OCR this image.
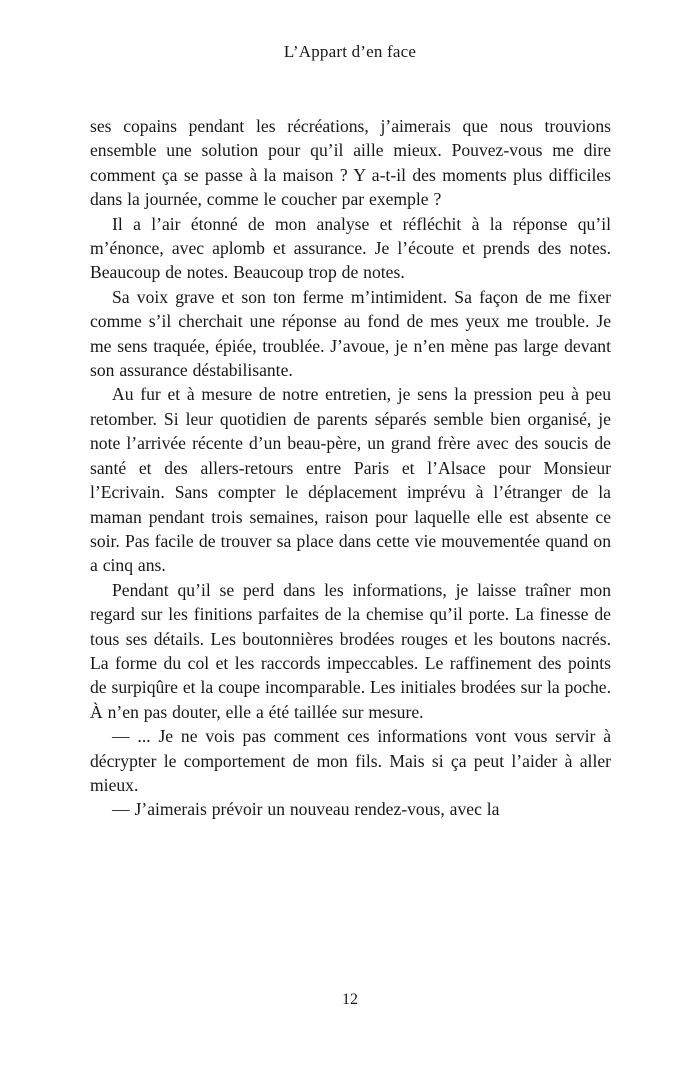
L’Appart d’en face

ses copains pendant les récréations, j’aimerais que nous trouvions ensemble une solution pour qu’il aille mieux. Pouvez-vous me dire comment ça se passe à la maison ? Y a-t-il des moments plus difficiles dans la journée, comme le coucher par exemple ?

Il a l’air étonné de mon analyse et réfléchit à la réponse qu’il m’énonce, avec aplomb et assurance. Je l’écoute et prends des notes. Beaucoup de notes. Beaucoup trop de notes.

Sa voix grave et son ton ferme m’intimident. Sa façon de me fixer comme s’il cherchait une réponse au fond de mes yeux me trouble. Je me sens traquée, épiée, troublée. J’avoue, je n’en mène pas large devant son assurance déstabilisante.

Au fur et à mesure de notre entretien, je sens la pression peu à peu retomber. Si leur quotidien de parents séparés semble bien organisé, je note l’arrivée récente d’un beau-père, un grand frère avec des soucis de santé et des allers-retours entre Paris et l’Alsace pour Monsieur l’Ecrivain. Sans compter le déplacement imprévu à l’étranger de la maman pendant trois semaines, raison pour laquelle elle est absente ce soir. Pas facile de trouver sa place dans cette vie mouvementée quand on a cinq ans.

Pendant qu’il se perd dans les informations, je laisse traîner mon regard sur les finitions parfaites de la chemise qu’il porte. La finesse de tous ses détails. Les boutonnières brodées rouges et les boutons nacrés. La forme du col et les raccords impeccables. Le raffinement des points de surpiqûre et la coupe incomparable. Les initiales brodées sur la poche. À n’en pas douter, elle a été taillée sur mesure.

— ... Je ne vois pas comment ces informations vont vous servir à décrypter le comportement de mon fils. Mais si ça peut l’aider à aller mieux.

— J’aimerais prévoir un nouveau rendez-vous, avec la

12
